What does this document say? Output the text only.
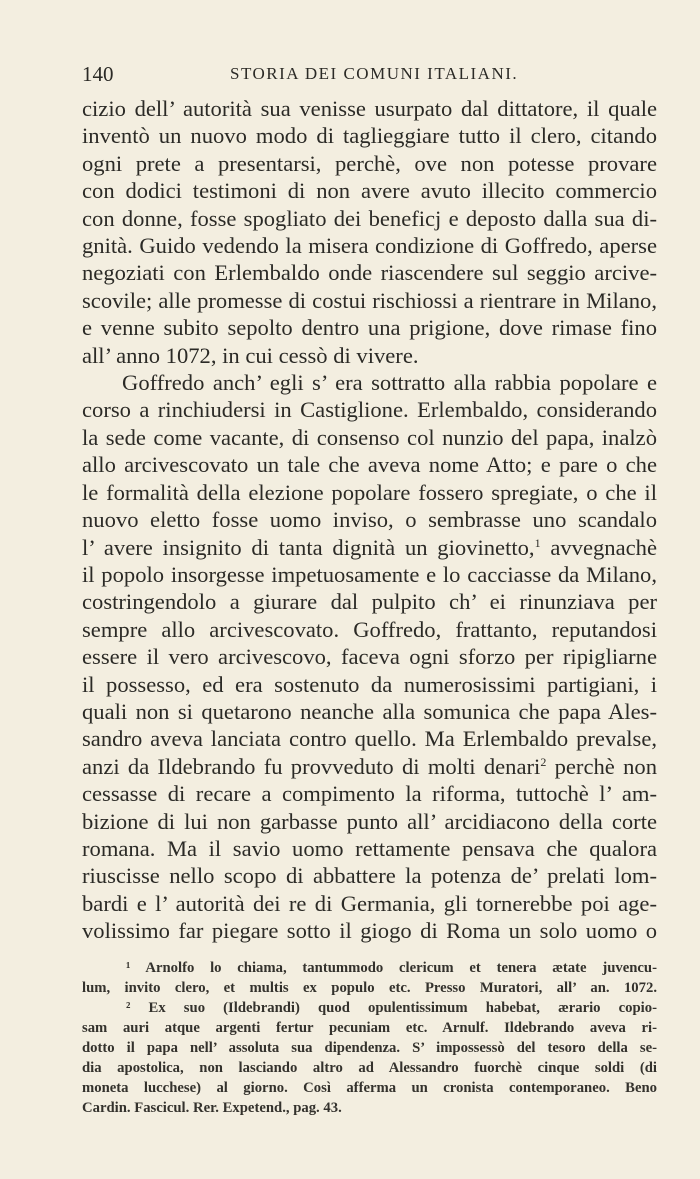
140	STORIA DEI COMUNI ITALIANI.
cizio dell’ autorità sua venisse usurpato dal dittatore, il quale
inventò un nuovo modo di taglieggiare tutto il clero, citando
ogni prete a presentarsi, perchè, ove non potesse provare
con dodici testimoni di non avere avuto illecito commercio
con donne, fosse spogliato dei beneficj e deposto dalla sua di-
gnità. Guido vedendo la misera condizione di Goffredo, aperse
negoziati con Erlembaldo onde riascendere sul seggio arcive-
scovile; alle promesse di costui rischiossi a rientrare in Milano,
e venne subito sepolto dentro una prigione, dove rimase fino
all’ anno 1072, in cui cessò di vivere.
Goffredo anch’ egli s’ era sottratto alla rabbia popolare e
corso a rinchiudersi in Castiglione. Erlembaldo, considerando
la sede come vacante, di consenso col nunzio del papa, inalzò
allo arcivescovato un tale che aveva nome Atto; e pare o che
le formalità della elezione popolare fossero spregiate, o che il
nuovo eletto fosse uomo inviso, o sembrasse uno scandalo
l’ avere insignito di tanta dignità un giovinetto,$^1$ avvegnachè
il popolo insorgesse impetuosamente e lo cacciasse da Milano,
costringendolo a giurare dal pulpito ch’ ei rinunziava per
sempre allo arcivescovato. Goffredo, frattanto, reputandosi
essere il vero arcivescovo, faceva ogni sforzo per ripigliarne
il possesso, ed era sostenuto da numerosissimi partigiani, i
quali non si quetarono neanche alla somunica che papa Ales-
sandro aveva lanciata contro quello. Ma Erlembaldo prevalse,
anzi da Ildebrando fu provveduto di molti denari$^2$ perchè non
cessasse di recare a compimento la riforma, tuttochè l’ am-
bizione di lui non garbasse punto all’ arcidiacono della corte
romana. Ma il savio uomo rettamente pensava che qualora
riuscisse nello scopo di abbattere la potenza de’ prelati lom-
bardi e l’ autorità dei re di Germania, gli tornerebbe poi age-
volissimo far piegare sotto il giogo di Roma un solo uomo o
¹ Arnolfo lo chiama, tantummodo clericum et tenera ætate juvencu-
lum, invito clero, et multis ex populo etc. Presso Muratori, all’ an. 1072.
² Ex suo (Ildebrandi) quod opulentissimum habebat, ærario copio-
sam auri atque argenti fertur pecuniam etc. Arnulf. Ildebrando aveva ri-
dotto il papa nell’ assoluta sua dipendenza. S’ impossessò del tesoro della se-
dia apostolica, non lasciando altro ad Alessandro fuorchè cinque soldi (di
moneta lucchese) al giorno. Così afferma un cronista contemporaneo. Beno
Cardin. Fascicul. Rer. Expetend., pag. 43.
